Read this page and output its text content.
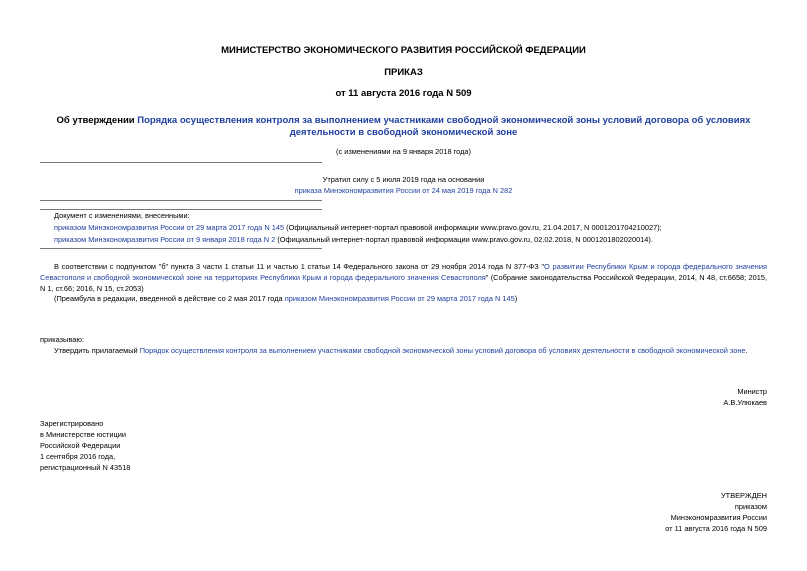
МИНИСТЕРСТВО ЭКОНОМИЧЕСКОГО РАЗВИТИЯ РОССИЙСКОЙ ФЕДЕРАЦИИ
ПРИКАЗ
от 11 августа 2016 года N 509
Об утверждении Порядка осуществления контроля за выполнением участниками свободной экономической зоны условий договора об условиях деятельности в свободной экономической зоне
(с изменениями на 9 января 2018 года)
Утратил силу с 5 июля 2019 года на основании
приказа Минэкономразвития России от 24 мая 2019 года N 282
Документ с изменениями, внесенными:
приказом Минэкономразвития России от 29 марта 2017 года N 145 (Официальный интернет-портал правовой информации www.pravo.gov.ru, 21.04.2017, N 0001201704210027);
приказом Минэкономразвития России от 9 января 2018 года N 2 (Официальный интернет-портал правовой информации www.pravo.gov.ru, 02.02.2018, N 0001201802020014).
В соответствии с подпунктом "б" пункта 3 части 1 статьи 11 и частью 1 статьи 14 Федерального закона от 29 ноября 2014 года N 377-ФЗ "О развитии Республики Крым и города федерального значения Севастополя и свободной экономической зоне на территориях Республики Крым и города федерального значения Севастополя" (Собрание законодательства Российской Федерации, 2014, N 48, ст.6658; 2015, N 1, ст.66; 2016, N 15, ст.2053)
(Преамбула в редакции, введенной в действие со 2 мая 2017 года приказом Минэкономразвития России от 29 марта 2017 года N 145)
приказываю:
Утвердить прилагаемый Порядок осуществления контроля за выполнением участниками свободной экономической зоны условий договора об условиях деятельности в свободной экономической зоне.
Министр
А.В.Улюкаев
Зарегистрировано
в Министерстве юстиции
Российской Федерации
1 сентября 2016 года,
регистрационный N 43518
УТВЕРЖДЕН
приказом
Минэкономразвития России
от 11 августа 2016 года N 509
